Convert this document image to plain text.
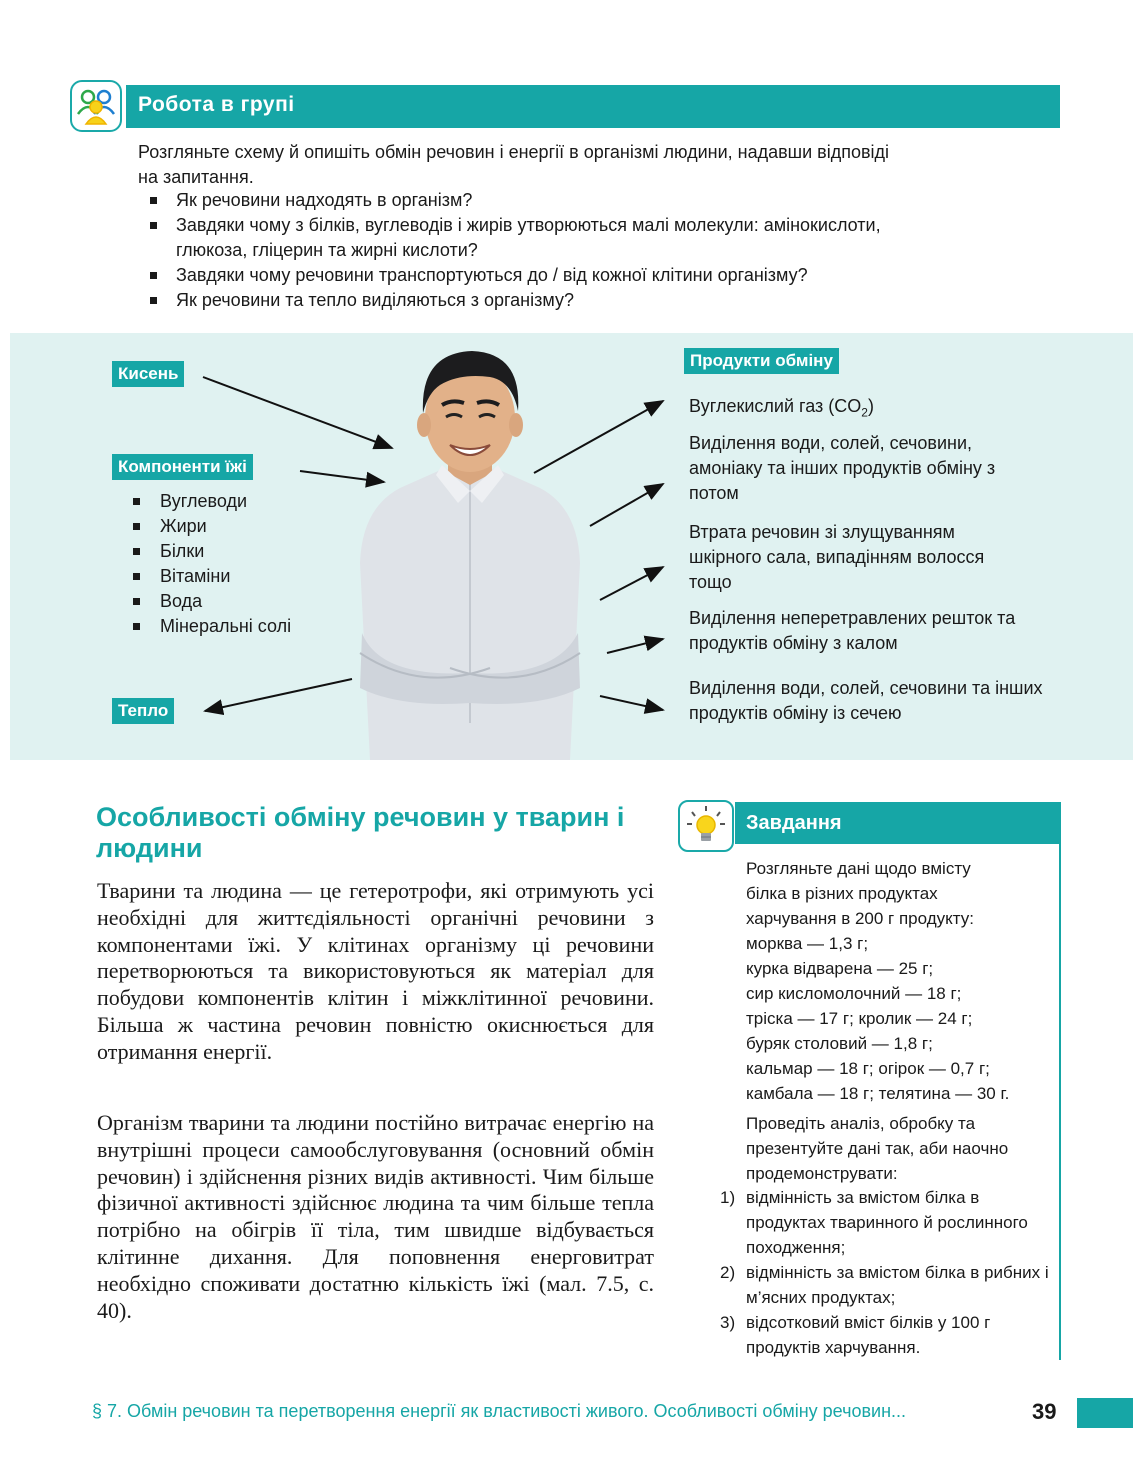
Робота в групі
Розгляньте схему й опишіть обмін речовин і енергії в організмі людини, надавши відповіді на запитання.
Як речовини надходять в організм?
Завдяки чому з білків, вуглеводів і жирів утворюються малі молекули: амінокислоти, глюкоза, гліцерин та жирні кислоти?
Завдяки чому речовини транспортуються до / від кожної клітини організму?
Як речовини та тепло виділяються з організму?
Кисень
Компоненти їжі
Вуглеводи
Жири
Білки
Вітаміни
Вода
Мінеральні солі
Тепло
Продукти обміну
Вуглекислий газ $(CO_2)$
Виділення води, солей, сечовини, амоніаку та інших продуктів обміну з потом
Втрата речовин зі злущуванням шкірного сала, випадінням волосся тощо
Виділення неперетравлених решток та продуктів обміну з калом
Виділення води, солей, сечовини та інших продуктів обміну із сечею
Особливості обміну речовин у тварин і людини
Тварини та людина — це гетеротрофи, які отримують усі необхідні для життєдіяльності органічні речовини з компонентами їжі. У клітинах організму ці речовини перетворюються та використовуються як матеріал для побудови компонентів клітин і міжклітинної речовини. Більша ж частина речовин повністю окиснюється для отримання енергії.
Організм тварини та людини постійно витрачає енергію на внутрішні процеси самообслуговування (основний обмін речовин) і здійснення різних видів активності. Чим більше фізичної активності здійснює людина та чим більше тепла потрібно на обігрів її тіла, тим швидше відбувається клітинне дихання. Для поповнення енерговитрат необхідно споживати достатню кількість їжі (мал. 7.5, с. 40).
Завдання
Розгляньте дані щодо вмісту
білка в різних продуктах
харчування в 200 г продукту:
морква — 1,3 г;
курка відварена — 25 г;
сир кисломолочний — 18 г;
тріска — 17 г; кролик — 24 г;
буряк столовий — 1,8 г;
кальмар — 18 г; огірок — 0,7 г;
камбала — 18 г; телятина — 30 г.
Проведіть аналіз, обробку та презентуйте дані так, аби наочно продемонструвати:
1) відмінність за вмістом білка в продуктах тваринного й рослинного походження;
2) відмінність за вмістом білка в рибних і м’ясних продуктах;
3) відсотковий вміст білків у 100 г продуктів харчування.
§ 7. Обмін речовин та перетворення енергії як властивості живого. Особливості обміну речовин...	39
